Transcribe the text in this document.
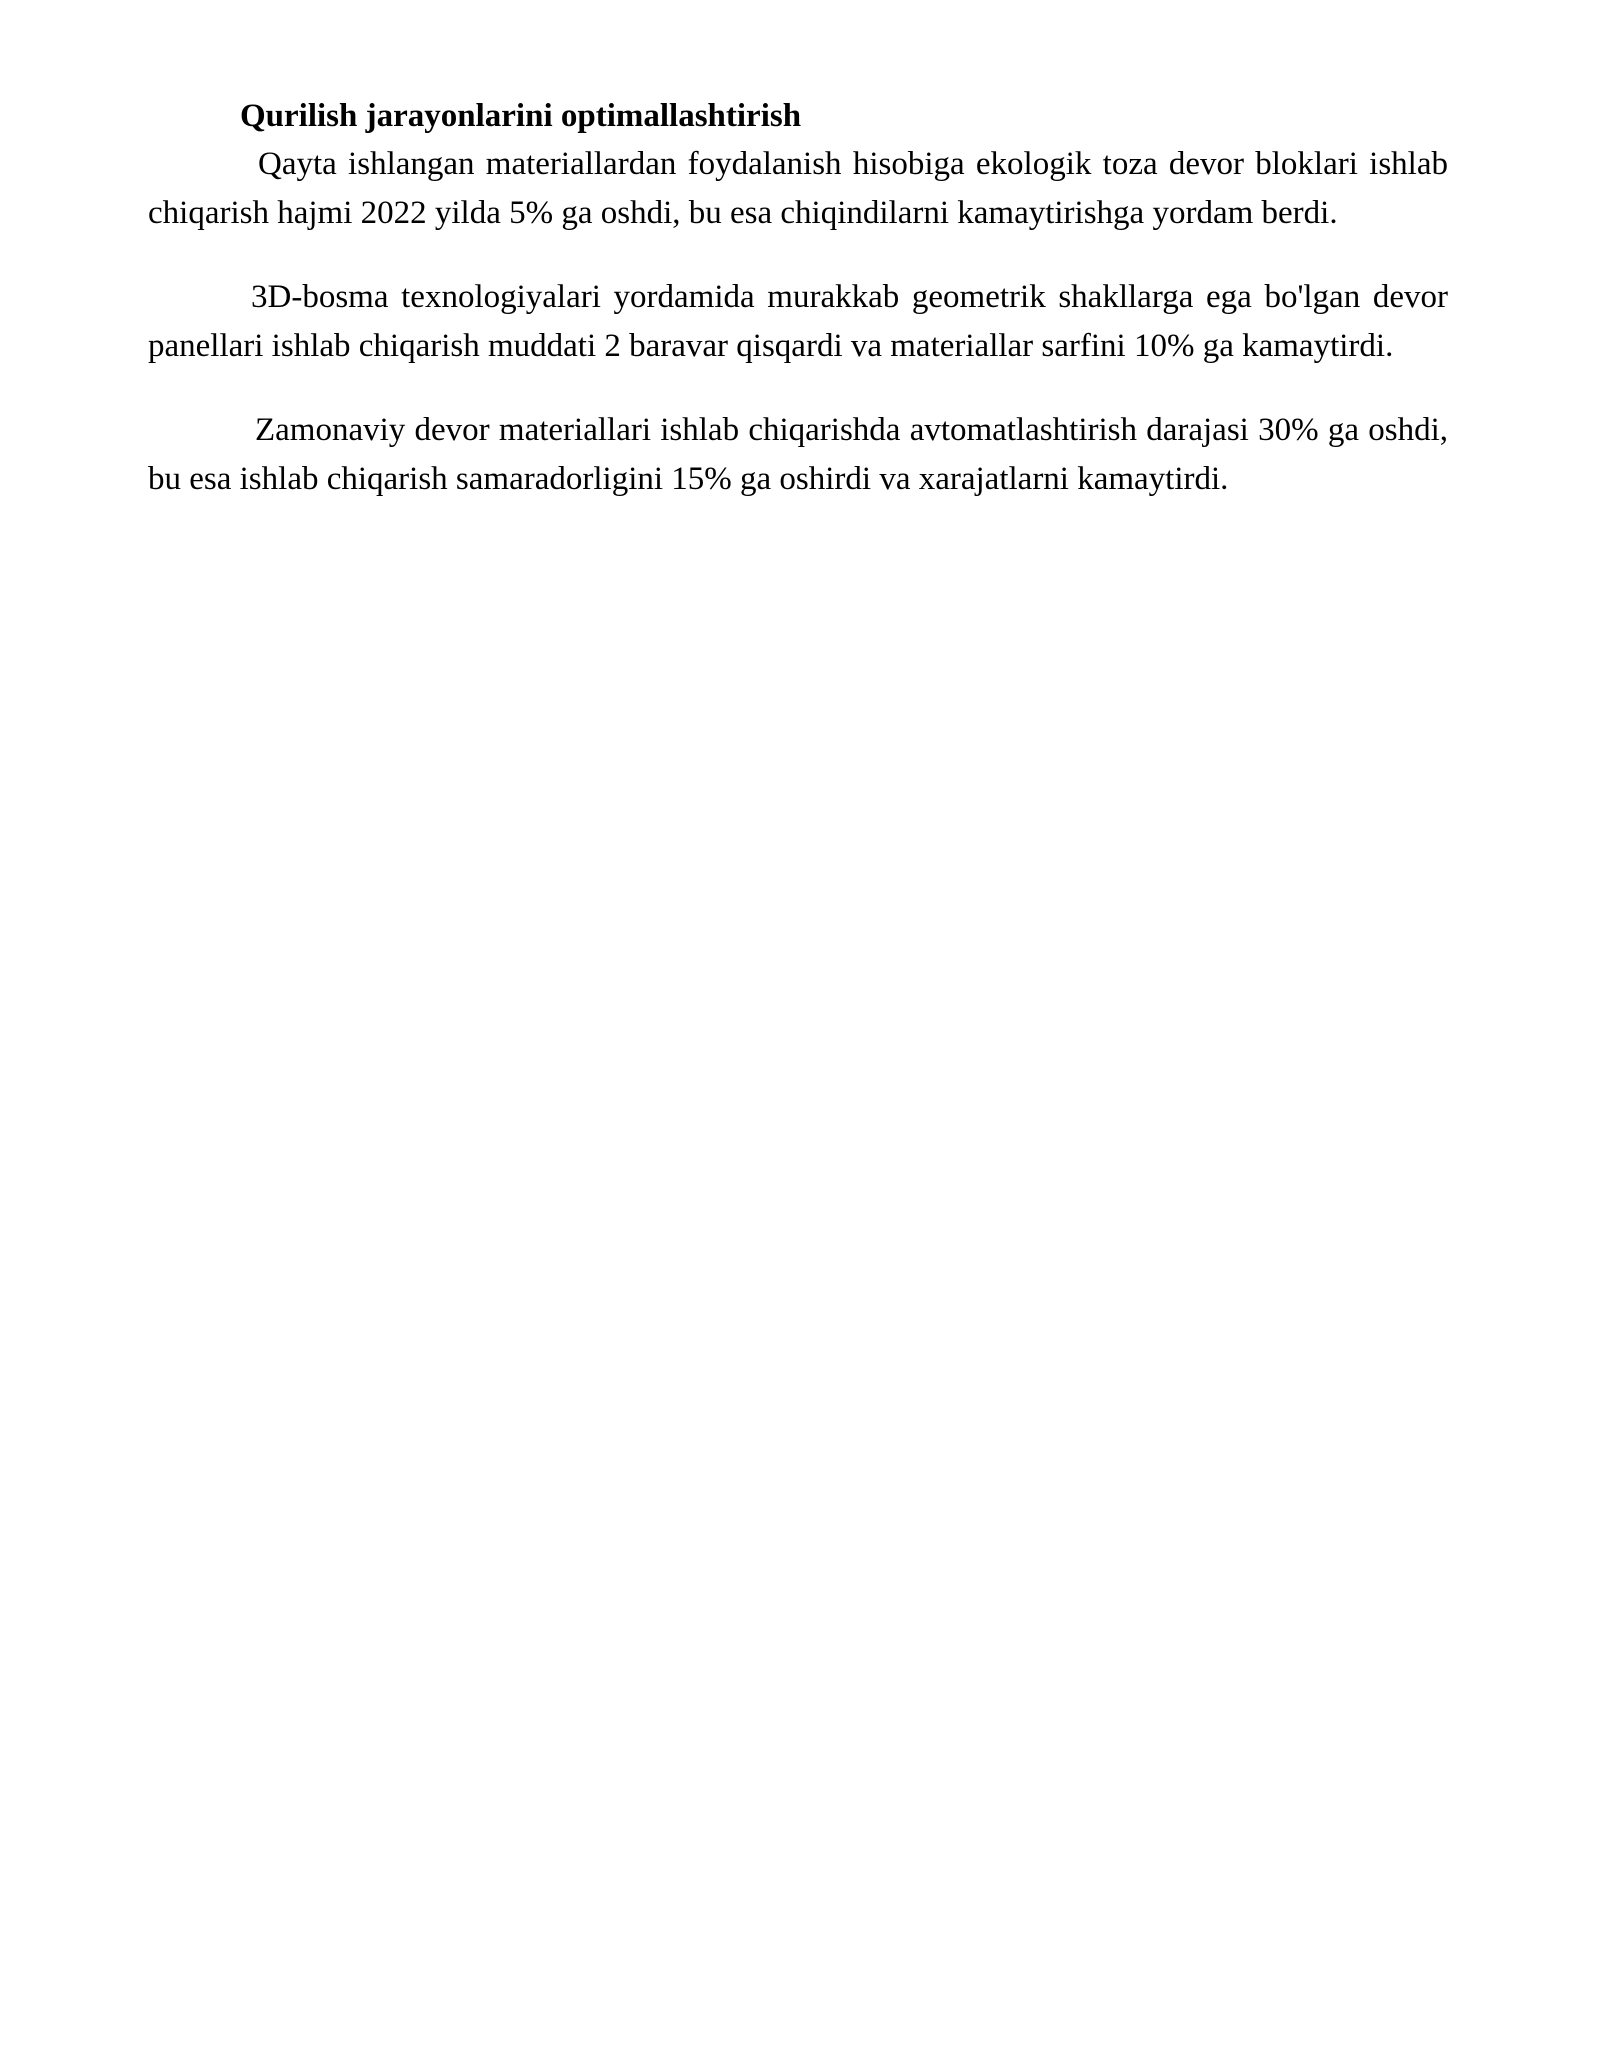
Qurilish jarayonlarini optimallashtirish

Qayta ishlangan materiallardan foydalanish hisobiga ekologik toza devor bloklari ishlab chiqarish hajmi 2022 yilda 5% ga oshdi, bu esa chiqindilarni kamaytirishga yordam berdi.

3D-bosma texnologiyalari yordamida murakkab geometrik shakllarga ega bo'lgan devor panellari ishlab chiqarish muddati 2 baravar qisqardi va materiallar sarfini 10% ga kamaytirdi.

Zamonaviy devor materiallari ishlab chiqarishda avtomatlashtirish darajasi 30% ga oshdi, bu esa ishlab chiqarish samaradorligini 15% ga oshirdi va xarajatlarni kamaytirdi.
